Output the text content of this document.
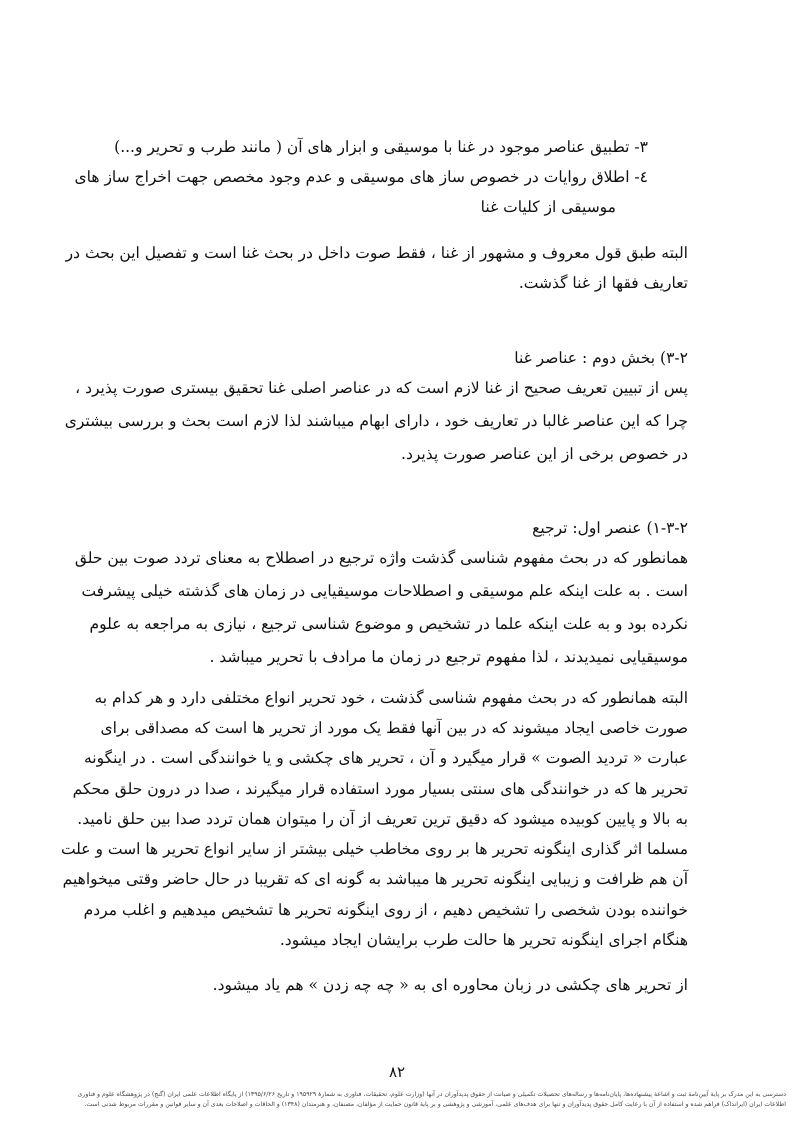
٣- تطبیق عناصر موجود در غنا با موسیقی و ابزار های آن ( مانند طرب و تحریر و...)
٤- اطلاق روایات در خصوص ساز های موسیقی و عدم وجود مخصص جهت اخراج ساز های
موسیقی از کلیات غنا
البته طبق قول معروف و مشهور از غنا ، فقط صوت داخل در بحث غنا است و تفصیل این بحث در
تعاریف فقها از غنا گذشت.
٢-٣) بخش دوم : عناصر غنا
پس از تبیین تعریف صحیح از غنا لازم است که در عناصر اصلی غنا تحقیق بیستری صورت پذیرد ،
چرا که این عناصر غالبا در تعاریف خود ، دارای ابهام میباشند لذا لازم است بحث و بررسی بیشتری
در خصوص برخی از این عناصر صورت پذیرد.
٢-٣-١) عنصر اول: ترجیع
همانطور که در بحث مفهوم شناسی گذشت واژه ترجیع در اصطلاح به معنای تردد صوت بین حلق
است . به علت اینکه علم موسیقی و اصطلاحات موسیقیایی در زمان های گذشته خیلی پیشرفت
نکرده بود و به علت اینکه علما در تشخیص و موضوع شناسی ترجیع ، نیازی به مراجعه به علوم
موسیقیایی نمیدیدند ، لذا مفهوم ترجیع در زمان ما مرادف با تحریر میباشد .
البته همانطور که در بحث مفهوم شناسی گذشت ، خود تحریر انواع مختلفی دارد و هر کدام به
صورت خاصی ایجاد میشوند که در بین آنها فقط یک مورد از تحریر ها است که مصداقی برای
عبارت « تردید الصوت » قرار میگیرد و آن ، تحریر های چکشی و یا خوانندگی است . در اینگونه
تحریر ها که در خوانندگی های سنتی بسیار مورد استفاده قرار میگیرند ، صدا در درون حلق محکم
به بالا و پایین کوبیده میشود که دقیق ترین تعریف از آن را میتوان همان تردد صدا بین حلق نامید.
مسلما اثر گذاری اینگونه تحریر ها بر روی مخاطب خیلی بیشتر از سایر انواع تحریر ها است و علت
آن هم ظرافت و زیبایی اینگونه تحریر ها میباشد به گونه ای که تقریبا در حال حاضر وقتی میخواهیم
خواننده بودن شخصی را تشخیص دهیم ، از روی اینگونه تحریر ها تشخیص میدهیم و اغلب مردم
هنگام اجرای اینگونه تحریر ها حالت طرب برایشان ایجاد میشود.
از تحریر های چکشی در زبان محاوره ای به « چه چه زدن » هم یاد میشود.
٨٢
دسترسی به این مدرک بر پایهٔ آیین‌نامهٔ ثبت و اشاعهٔ پیشنهاده‌ها، پایان‌نامه‌ها و رساله‌های تحصیلات تکمیلی و صیانت از حقوق پدیدآوران در آنها (وزارت علوم، تحقیقات، فناوری به شمارهٔ ۱۹۵۹۲۹ و تاریخ ۱۳۹۵/۶/۲۶) از پایگاه اطلاعات علمی ایران (گنج) در پژوهشگاه علوم و فناوری
اطلاعات ایران (ایرانداک) فراهم شده و استفاده از آن با رعایت کامل حقوق پدیدآوران و تنها برای هدف‌های علمی، آموزشی و پژوهشی و بر پایهٔ قانون حمایت از مؤلفان، مصنفان، و هنرمندان (۱۳۴۸) و الحاقات و اصلاحات بعدی آن و سایر قوانین و مقررات مربوط شدنی است.
